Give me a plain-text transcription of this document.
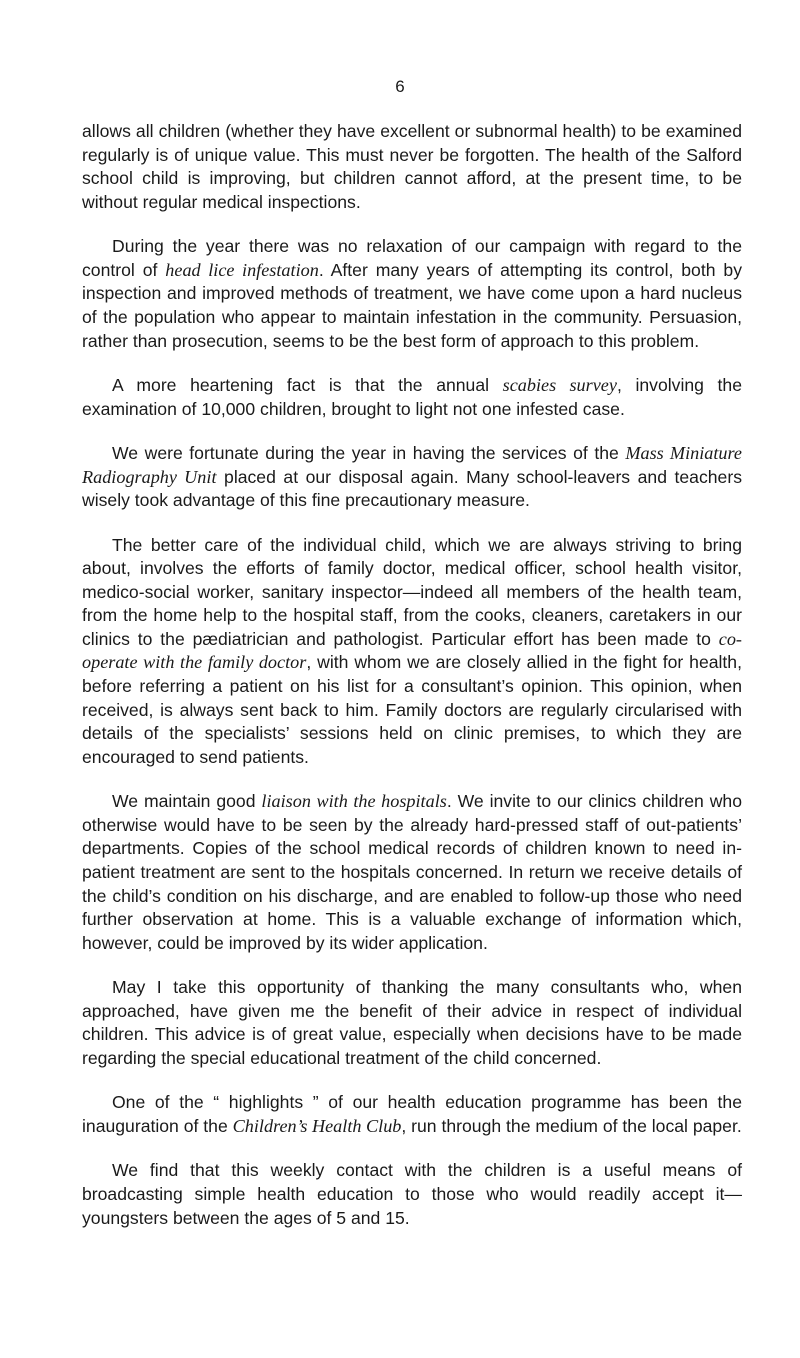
6

allows all children (whether they have excellent or subnormal health) to be examined regularly is of unique value. This must never be forgotten. The health of the Salford school child is improving, but children cannot afford, at the present time, to be without regular medical inspections.

During the year there was no relaxation of our campaign with regard to the control of head lice infestation. After many years of attempting its control, both by inspection and improved methods of treatment, we have come upon a hard nucleus of the population who appear to maintain infestation in the community. Persuasion, rather than prosecution, seems to be the best form of approach to this problem.

A more heartening fact is that the annual scabies survey, involving the examination of 10,000 children, brought to light not one infested case.

We were fortunate during the year in having the services of the Mass Miniature Radiography Unit placed at our disposal again. Many school-leavers and teachers wisely took advantage of this fine precautionary measure.

The better care of the individual child, which we are always striving to bring about, involves the efforts of family doctor, medical officer, school health visitor, medico-social worker, sanitary inspector—indeed all members of the health team, from the home help to the hospital staff, from the cooks, cleaners, caretakers in our clinics to the pædiatrician and pathologist. Particular effort has been made to co-operate with the family doctor, with whom we are closely allied in the fight for health, before referring a patient on his list for a consultant’s opinion. This opinion, when received, is always sent back to him. Family doctors are regularly circularised with details of the specialists’ sessions held on clinic premises, to which they are encouraged to send patients.

We maintain good liaison with the hospitals. We invite to our clinics children who otherwise would have to be seen by the already hard-pressed staff of out-patients’ departments. Copies of the school medical records of children known to need in-patient treatment are sent to the hospitals concerned. In return we receive details of the child’s condition on his discharge, and are enabled to follow-up those who need further observation at home. This is a valuable exchange of information which, however, could be improved by its wider application.

May I take this opportunity of thanking the many consultants who, when approached, have given me the benefit of their advice in respect of individual children. This advice is of great value, especially when decisions have to be made regarding the special educational treatment of the child concerned.

One of the “ highlights ” of our health education programme has been the inauguration of the Children’s Health Club, run through the medium of the local paper.

We find that this weekly contact with the children is a useful means of broadcasting simple health education to those who would readily accept it— youngsters between the ages of 5 and 15.
